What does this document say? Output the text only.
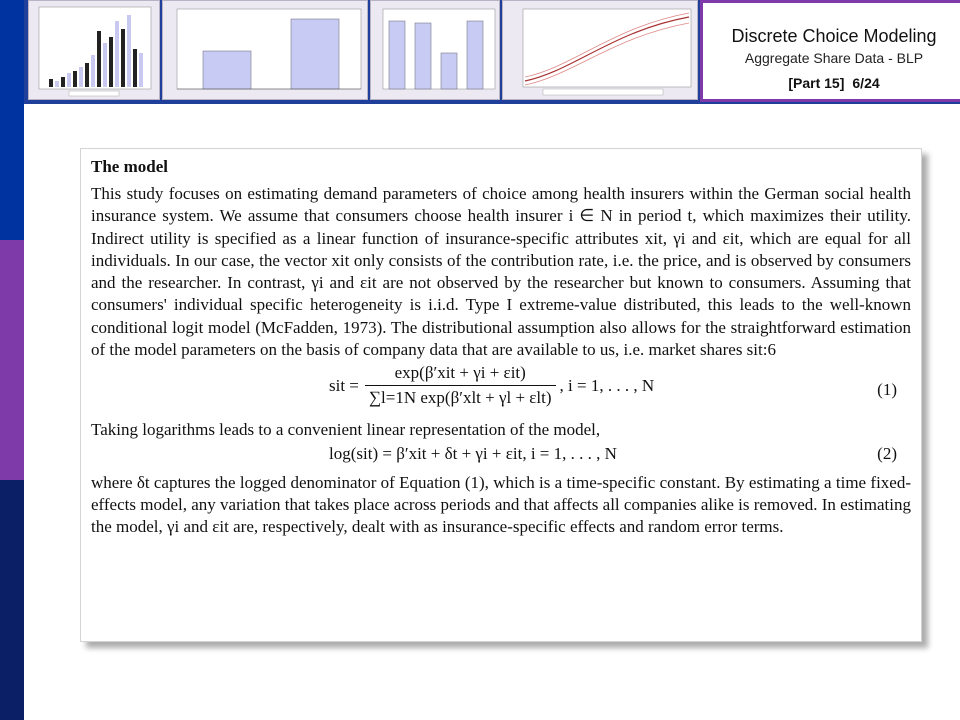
Discrete Choice Modeling
Aggregate Share Data - BLP
[Part 15] 6/24
The model

This study focuses on estimating demand parameters of choice among health insurers within the German social health insurance system. We assume that consumers choose health insurer i ∈ N in period t, which maximizes their utility. Indirect utility is specified as a linear function of insurance-specific attributes xit, γi and εit, which are equal for all individuals. In our case, the vector xit only consists of the contribution rate, i.e. the price, and is observed by consumers and the researcher. In contrast, γi and εit are not observed by the researcher but known to consumers. Assuming that consumers' individual specific heterogeneity is i.i.d. Type I extreme-value distributed, this leads to the well-known conditional logit model (McFadden, 1973). The distributional assumption also allows for the straightforward estimation of the model parameters on the basis of company data that are available to us, i.e. market shares sit:6

sit = $\frac{\text{exp(β′xit + γi + εit)}}{\text{∑l=1N exp(β′xlt + γl + εlt)}}$ , i = 1, . . . , N	(1)

Taking logarithms leads to a convenient linear representation of the model,

log(sit) = β′xit + δt + γi + εit, i = 1, . . . , N	(2)

where δt captures the logged denominator of Equation (1), which is a time-specific constant. By estimating a time fixed-effects model, any variation that takes place across periods and that affects all companies alike is removed. In estimating the model, γi and εit are, respectively, dealt with as insurance-specific effects and random error terms.
